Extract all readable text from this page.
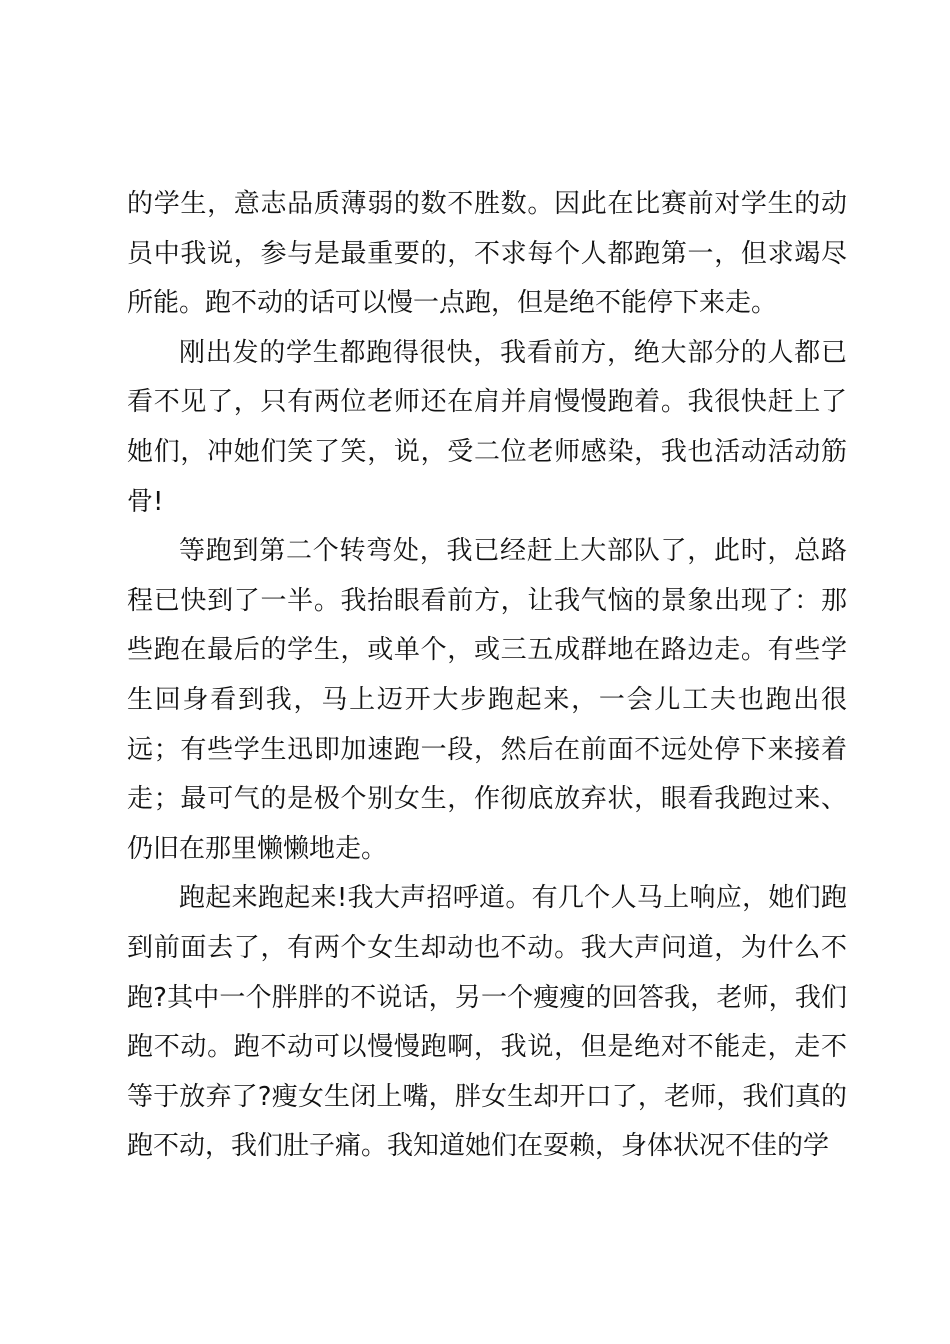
的学生，意志品质薄弱的数不胜数。因此在比赛前对学生的动员中我说，参与是最重要的，不求每个人都跑第一，但求竭尽所能。跑不动的话可以慢一点跑，但是绝不能停下来走。

刚出发的学生都跑得很快，我看前方，绝大部分的人都已看不见了，只有两位老师还在肩并肩慢慢跑着。我很快赶上了她们，冲她们笑了笑，说，受二位老师感染，我也活动活动筋骨!

等跑到第二个转弯处，我已经赶上大部队了，此时，总路程已快到了一半。我抬眼看前方，让我气恼的景象出现了：那些跑在最后的学生，或单个，或三五成群地在路边走。有些学生回身看到我，马上迈开大步跑起来，一会儿工夫也跑出很远；有些学生迅即加速跑一段，然后在前面不远处停下来接着走；最可气的是极个别女生，作彻底放弃状，眼看我跑过来、仍旧在那里懒懒地走。

跑起来跑起来!我大声招呼道。有几个人马上响应，她们跑到前面去了，有两个女生却动也不动。我大声问道，为什么不跑?其中一个胖胖的不说话，另一个瘦瘦的回答我，老师，我们跑不动。跑不动可以慢慢跑啊，我说，但是绝对不能走，走不等于放弃了?瘦女生闭上嘴，胖女生却开口了，老师，我们真的跑不动，我们肚子痛。我知道她们在耍赖，身体状况不佳的学
